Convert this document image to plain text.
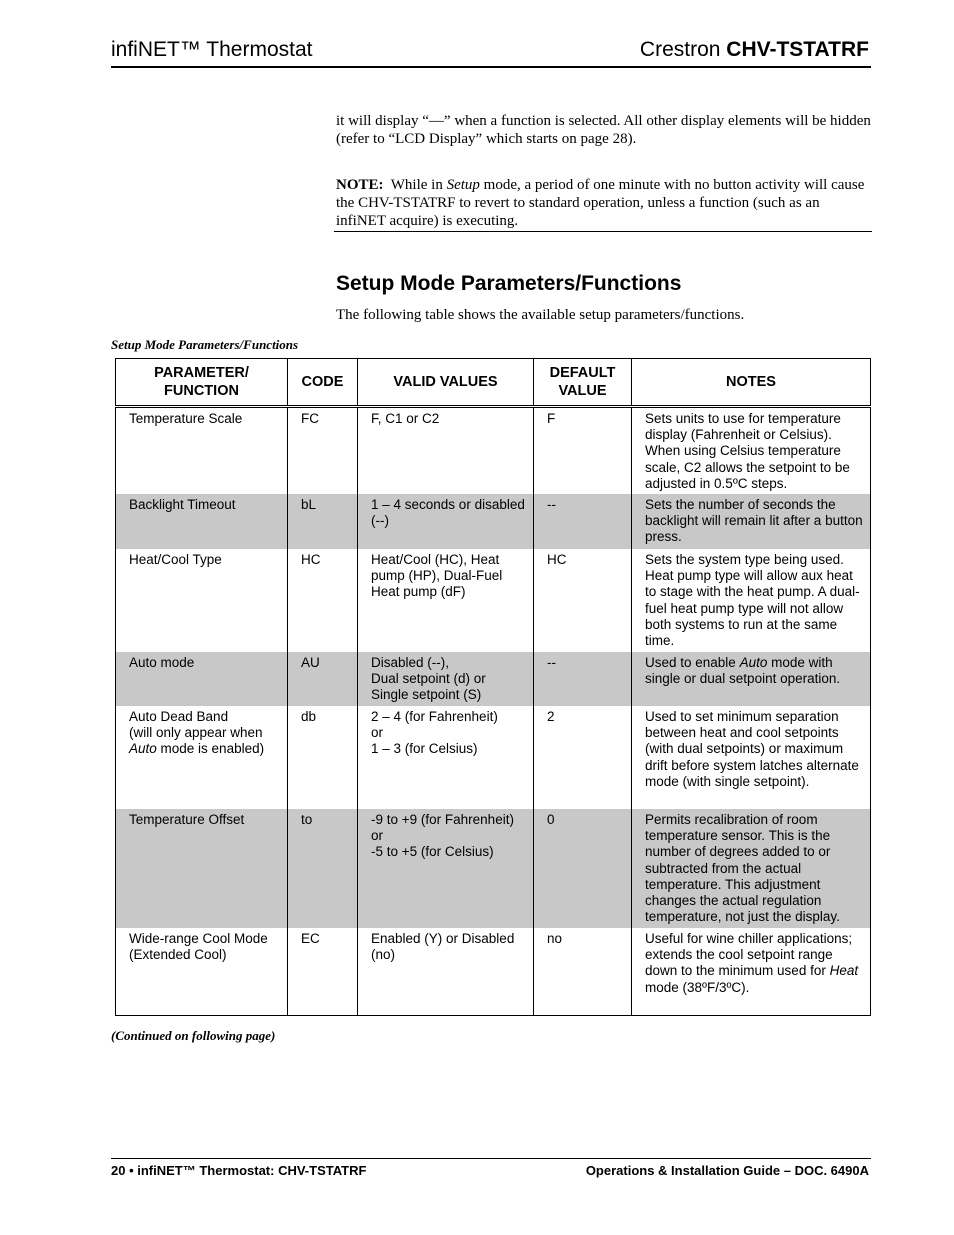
infiNET™ Thermostat	Crestron CHV-TSTATRF
it will display “—” when a function is selected. All other display elements will be hidden (refer to “LCD Display” which starts on page 28).
NOTE: While in Setup mode, a period of one minute with no button activity will cause the CHV-TSTATRF to revert to standard operation, unless a function (such as an infiNET acquire) is executing.
Setup Mode Parameters/Functions
The following table shows the available setup parameters/functions.
Setup Mode Parameters/Functions
PARAMETER/ FUNCTION	CODE	VALID VALUES	DEFAULT VALUE	NOTES
Temperature Scale	FC	F, C1 or C2	F	Sets units to use for temperature display (Fahrenheit or Celsius). When using Celsius temperature scale, C2 allows the setpoint to be adjusted in 0.5ºC steps.
Backlight Timeout	bL	1 – 4 seconds or disabled (--)	--	Sets the number of seconds the backlight will remain lit after a button press.
Heat/Cool Type	HC	Heat/Cool (HC), Heat pump (HP), Dual-Fuel Heat pump (dF)	HC	Sets the system type being used. Heat pump type will allow aux heat to stage with the heat pump. A dual-fuel heat pump type will not allow both systems to run at the same time.
Auto mode	AU	Disabled (--),
Dual setpoint (d) or
Single setpoint (S)	--	Used to enable Auto mode with single or dual setpoint operation.
Auto Dead Band
(will only appear when
Auto mode is enabled)	db	2 – 4 (for Fahrenheit)
or
1 – 3 (for Celsius)	2	Used to set minimum separation between heat and cool setpoints (with dual setpoints) or maximum drift before system latches alternate mode (with single setpoint).
Temperature Offset	to	-9 to +9 (for Fahrenheit) or
-5 to +5 (for Celsius)	0	Permits recalibration of room temperature sensor. This is the number of degrees added to or subtracted from the actual temperature. This adjustment changes the actual regulation temperature, not just the display.
Wide-range Cool Mode (Extended Cool)	EC	Enabled (Y) or Disabled (no)	no	Useful for wine chiller applications; extends the cool setpoint range down to the minimum used for Heat mode (38ºF/3ºC).
(Continued on following page)
20 • infiNET™ Thermostat: CHV-TSTATRF	Operations & Installation Guide – DOC. 6490A
